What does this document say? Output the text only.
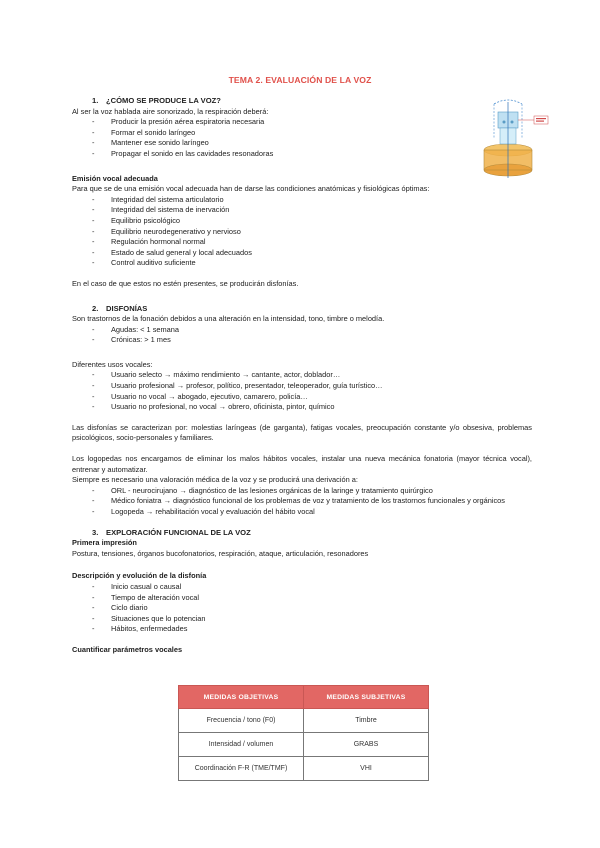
TEMA 2. EVALUACIÓN DE LA VOZ
1. ¿CÓMO SE PRODUCE LA VOZ?

Al ser la voz hablada aire sonorizado, la respiración deberá:

- Producir la presión aérea espiratoria necesaria
- Formar el sonido laríngeo
- Mantener ese sonido laríngeo
- Propagar el sonido en las cavidades resonadoras
Emisión vocal adecuada

Para que se de una emisión vocal adecuada han de darse las condiciones anatómicas y fisiológicas óptimas:

- Integridad del sistema articulatorio
- Integridad del sistema de inervación
- Equilibrio psicológico
- Equilibrio neurodegenerativo y nervioso
- Regulación hormonal normal
- Estado de salud general y local adecuados
- Control auditivo suficiente

En el caso de que estos no estén presentes, se producirán disfonías.

2. DISFONÍAS

Son trastornos de la fonación debidos a una alteración en la intensidad, tono, timbre o melodía.

- Agudas: < 1 semana
- Crónicas: > 1 mes

Diferentes usos vocales:

- Usuario selecto → máximo rendimiento → cantante, actor, doblador…
- Usuario profesional → profesor, político, presentador, teleoperador, guía turístico…
- Usuario no vocal → abogado, ejecutivo, camarero, policía…
- Usuario no profesional, no vocal → obrero, oficinista, pintor, químico

Las disfonías se caracterizan por: molestias laríngeas (de garganta), fatigas vocales, preocupación constante y/o obsesiva, problemas psicológicos, socio-personales y familiares.

Los logopedas nos encargamos de eliminar los malos hábitos vocales, instalar una nueva mecánica fonatoria (mayor técnica vocal), entrenar y automatizar.

Siempre es necesario una valoración médica de la voz y se producirá una derivación a:

- ORL - neurocirujano → diagnóstico de las lesiones orgánicas de la laringe y tratamiento quirúrgico
- Médico foniatra → diagnóstico funcional de los problemas de voz y tratamiento de los trastornos funcionales y orgánicos
- Logopeda → rehabilitación vocal y evaluación del hábito vocal
3. EXPLORACIÓN FUNCIONAL DE LA VOZ
Primera impresión

Postura, tensiones, órganos bucofonatorios, respiración, ataque, articulación, resonadores

Descripción y evolución de la disfonía
- Inicio casual o causal
- Tiempo de alteración vocal
- Ciclo diario
- Situaciones que lo potencian
- Hábitos, enfermedades
Cuantificar parámetros vocales
MEDIDAS OBJETIVAS	MEDIDAS SUBJETIVAS
Frecuencia / tono (F0)	Timbre
Intensidad / volumen	GRABS
Coordinación F-R (TME/TMF)	VHI
